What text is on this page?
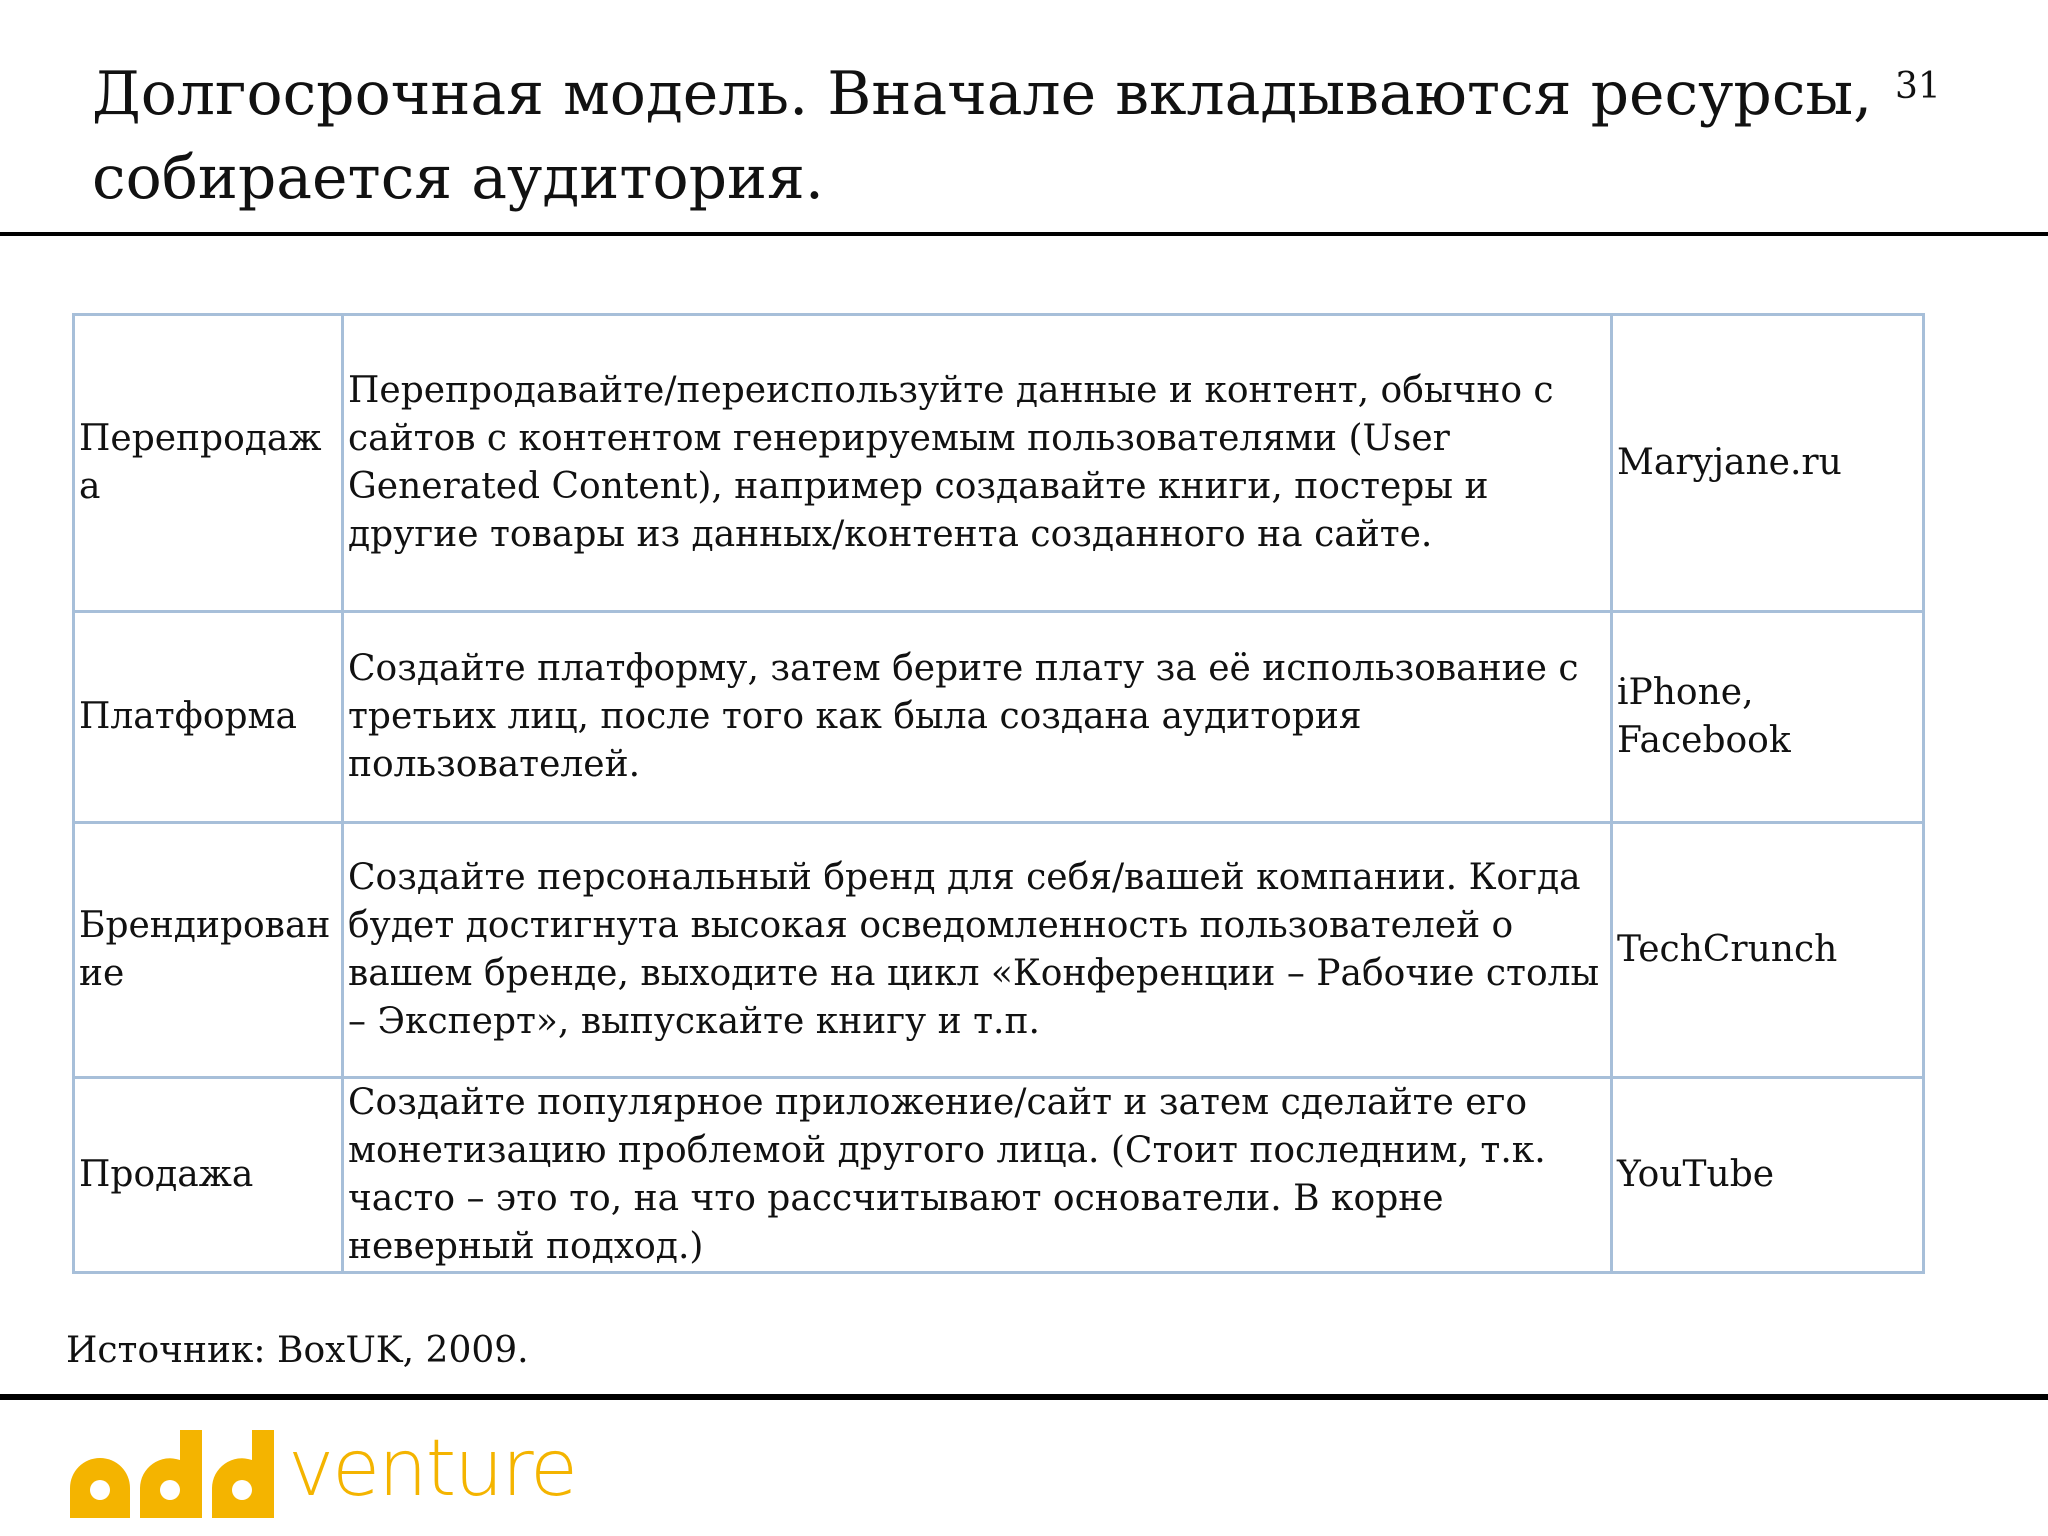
Долгосрочная модель. Вначале вкладываются ресурсы, собирается аудитория.
31
Перепродажа	Перепродавайте/переиспользуйте данные и контент, обычно с сайтов с контентом генерируемым пользователями (User Generated Content), например создавайте книги, постеры и другие товары из данных/контента созданного на сайте.	Maryjane.ru
Платформа	Создайте платформу, затем берите плату за её использование с третьих лиц, после того как была создана аудитория пользователей.	iPhone, Facebook
Брендирование	Создайте персональный бренд для себя/вашей компании. Когда будет достигнута высокая осведомленность пользователей о вашем бренде, выходите на цикл «Конференции – Рабочие столы – Эксперт», выпускайте книгу и т.п.	TechCrunch
Продажа	Создайте популярное приложение/сайт и затем сделайте его монетизацию проблемой другого лица. (Стоит последним, т.к. часто – это то, на что рассчитывают основатели. В корне неверный подход.)	YouTube
Источник: BoxUK, 2009.
venture
